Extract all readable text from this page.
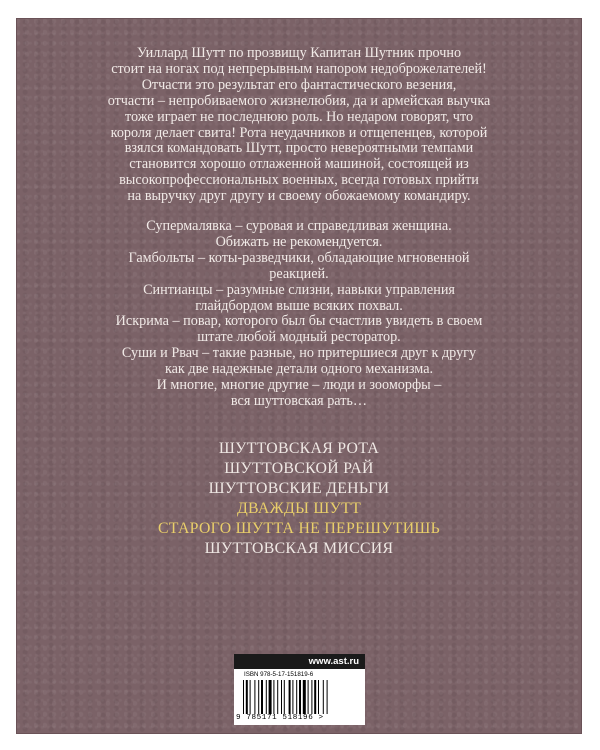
Уиллард Шутт по прозвищу Капитан Шутник прочно
стоит на ногах под непрерывным напором недоброжелателей!
Отчасти это результат его фантастического везения,
отчасти – непробиваемого жизнелюбия, да и армейская выучка
тоже играет не последнюю роль. Но недаром говорят, что
короля делает свита! Рота неудачников и отщепенцев, которой
взялся командовать Шутт, просто невероятными темпами
становится хорошо отлаженной машиной, состоящей из
высокопрофессиональных военных, всегда готовых прийти
на выручку друг другу и своему обожаемому командиру.
Супермалявка – суровая и справедливая женщина.
Обижать не рекомендуется.
Гамбольты – коты-разведчики, обладающие мгновенной
реакцией.
Синтианцы – разумные слизни, навыки управления
глайдбордом выше всяких похвал.
Искрима – повар, которого был бы счастлив увидеть в своем
штате любой модный ресторатор.
Суши и Рвач – такие разные, но притершиеся друг к другу
как две надежные детали одного механизма.
И многие, многие другие – люди и зооморфы –
вся шуттовская рать…
ШУТТОВСКАЯ РОТА
ШУТТОВСКОЙ РАЙ
ШУТТОВСКИЕ ДЕНЬГИ
ДВАЖДЫ ШУТТ
СТАРОГО ШУТТА НЕ ПЕРЕШУТИШЬ
ШУТТОВСКАЯ МИССИЯ
www.ast.ru
ISBN 978-5-17-151819-6
9 785171 518196 >
